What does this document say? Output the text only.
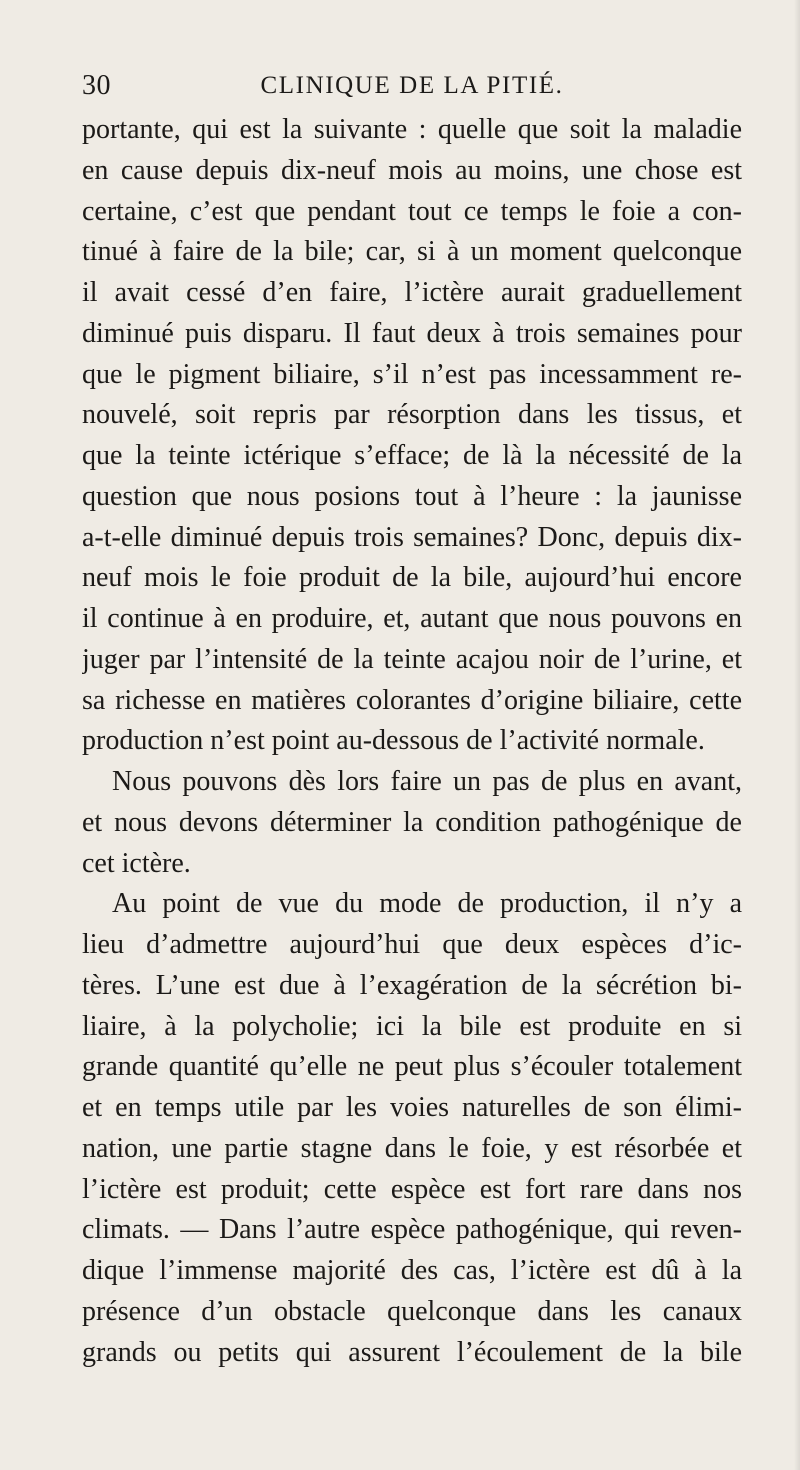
30	CLINIQUE DE LA PITIÉ.
portante, qui est la suivante : quelle que soit la maladie
en cause depuis dix-neuf mois au moins, une chose est
certaine, c’est que pendant tout ce temps le foie a con-
tinué à faire de la bile; car, si à un moment quelconque
il avait cessé d’en faire, l’ictère aurait graduellement
diminué puis disparu. Il faut deux à trois semaines pour
que le pigment biliaire, s’il n’est pas incessamment re-
nouvelé, soit repris par résorption dans les tissus, et
que la teinte ictérique s’efface; de là la nécessité de la
question que nous posions tout à l’heure : la jaunisse
a-t-elle diminué depuis trois semaines? Donc, depuis dix-
neuf mois le foie produit de la bile, aujourd’hui encore
il continue à en produire, et, autant que nous pouvons en
juger par l’intensité de la teinte acajou noir de l’urine, et
sa richesse en matières colorantes d’origine biliaire, cette
production n’est point au-dessous de l’activité normale.
Nous pouvons dès lors faire un pas de plus en avant,
et nous devons déterminer la condition pathogénique de
cet ictère.
Au point de vue du mode de production, il n’y a
lieu d’admettre aujourd’hui que deux espèces d’ic-
tères. L’une est due à l’exagération de la sécrétion bi-
liaire, à la polycholie; ici la bile est produite en si
grande quantité qu’elle ne peut plus s’écouler totalement
et en temps utile par les voies naturelles de son élimi-
nation, une partie stagne dans le foie, y est résorbée et
l’ictère est produit; cette espèce est fort rare dans nos
climats. — Dans l’autre espèce pathogénique, qui reven-
dique l’immense majorité des cas, l’ictère est dû à la
présence d’un obstacle quelconque dans les canaux
grands ou petits qui assurent l’écoulement de la bile
